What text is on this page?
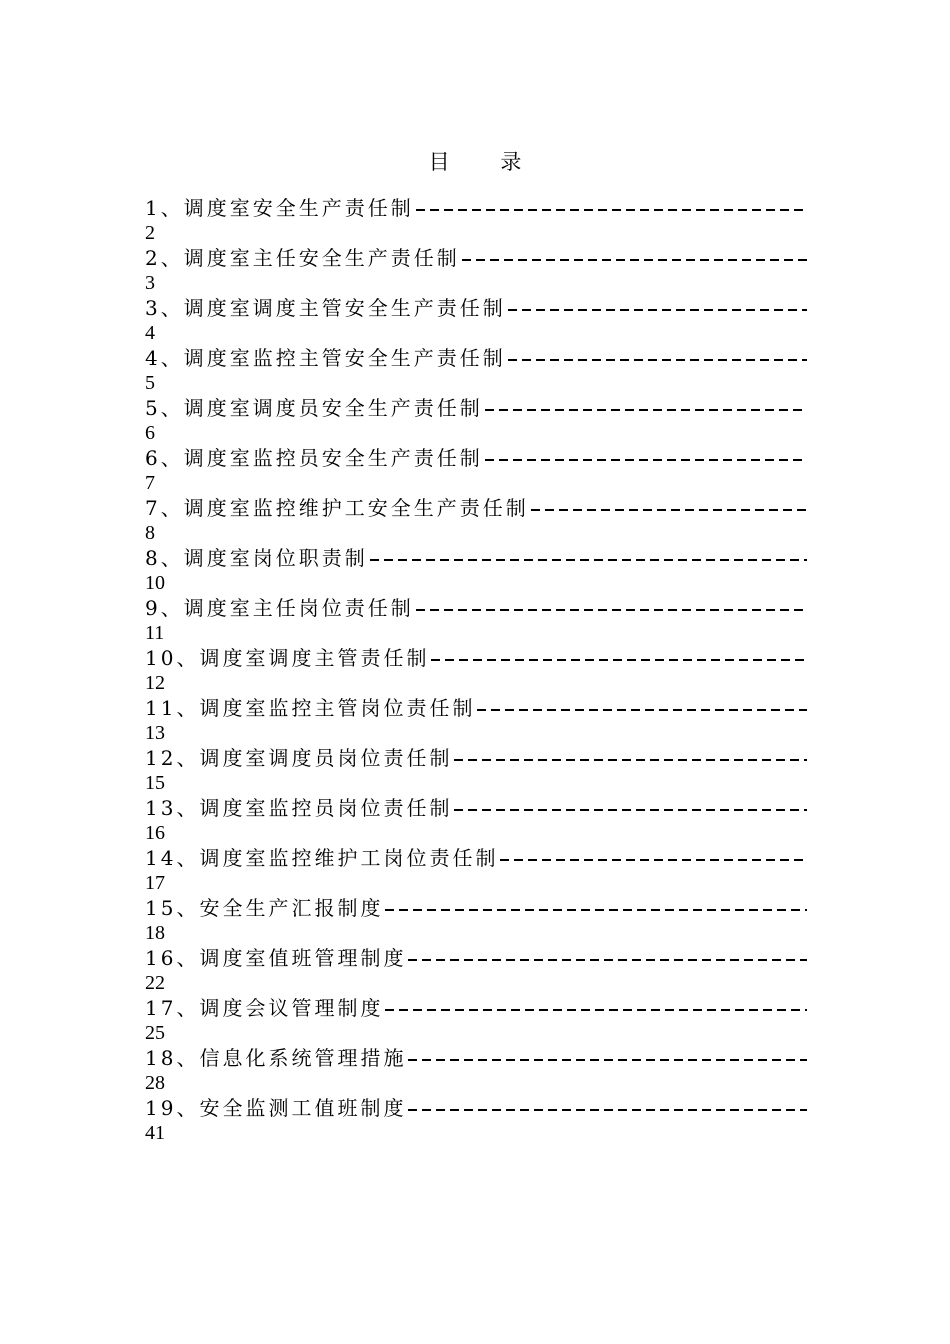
目 录
1、调度室安全生产责任制
2
2、调度室主任安全生产责任制
3
3、调度室调度主管安全生产责任制
4
4、调度室监控主管安全生产责任制
5
5、调度室调度员安全生产责任制
6
6、调度室监控员安全生产责任制
7
7、调度室监控维护工安全生产责任制
8
8、调度室岗位职责制
10
9、调度室主任岗位责任制
11
10、调度室调度主管责任制
12
11、调度室监控主管岗位责任制
13
12、调度室调度员岗位责任制
15
13、调度室监控员岗位责任制
16
14、调度室监控维护工岗位责任制
17
15、安全生产汇报制度
18
16、调度室值班管理制度
22
17、调度会议管理制度
25
18、信息化系统管理措施
28
19、安全监测工值班制度
41
